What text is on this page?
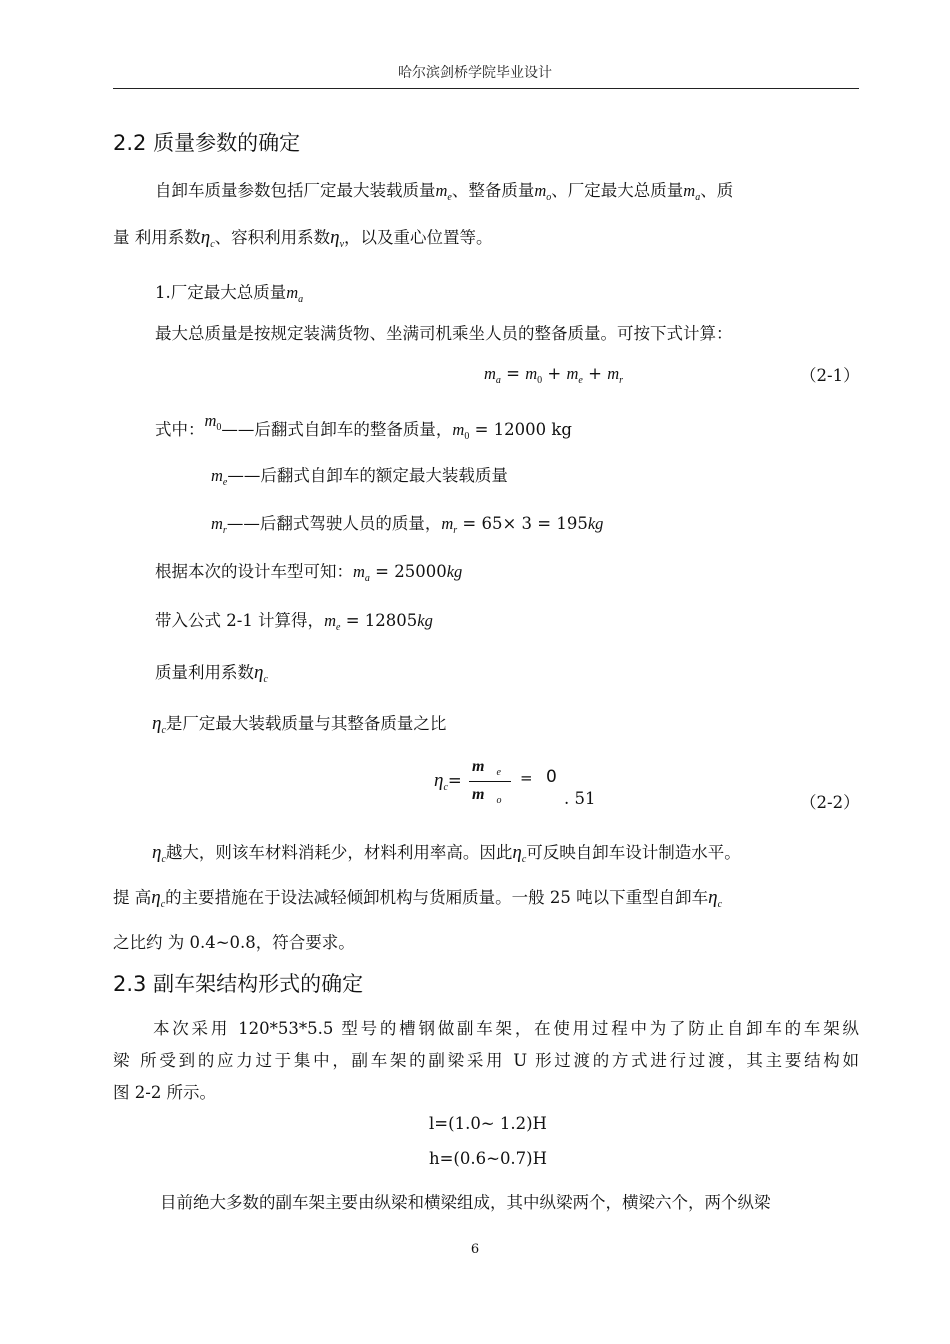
哈尔滨剑桥学院毕业设计
2.2 质量参数的确定
自卸车质量参数包括厂定最大装载质量$m_e$、整备质量$m_o$、厂定最大总质量$m_a$、质
量 利用系数$\eta_c$、容积利用系数$\eta_v$，以及重心位置等。
1.厂定最大总质量$m_a$
最大总质量是按规定装满货物、坐满司机乘坐人员的整备质量。可按下式计算：
$m_a = m_0 + m_e + m_r$	（2-1）
式中：$m_0——$后翻式自卸车的整备质量，$m_0 = 12000$ kg
$m_e——$后翻式自卸车的额定最大装载质量
$m_r——$后翻式驾驶人员的质量，$m_r = 65\times 3 = 195kg$
根据本次的设计车型可知：$m_a = 25000kg$
带入公式 2-1 计算得，$m_e = 12805kg$
质量利用系数$\eta_c$
$\eta_c$是厂定最大装载质量与其整备质量之比
$\eta_c=$
m $_e$
m $_o$
= 0
. 51	（2-2）
$\eta_c$越大，则该车材料消耗少，材料利用率高。因此$\eta_c$可反映自卸车设计制造水平。
提 高$\eta_c$的主要措施在于设法减轻倾卸机构与货厢质量。一般 25 吨以下重型自卸车$\eta_c$
之比约 为 0.4~0.8，符合要求。
2.3 副车架结构形式的确定
本次采用 120*53*5.5 型号的槽钢做副车架，在使用过程中为了防止自卸车的车架纵
梁 所受到的应力过于集中，副车架的副梁采用 U 形过渡的方式进行过渡，其主要结构如
图 2-2 所示。
l=(1.0~ 1.2)H
h=(0.6~0.7)H
目前绝大多数的副车架主要由纵梁和横梁组成，其中纵梁两个，横梁六个，两个纵梁
6
